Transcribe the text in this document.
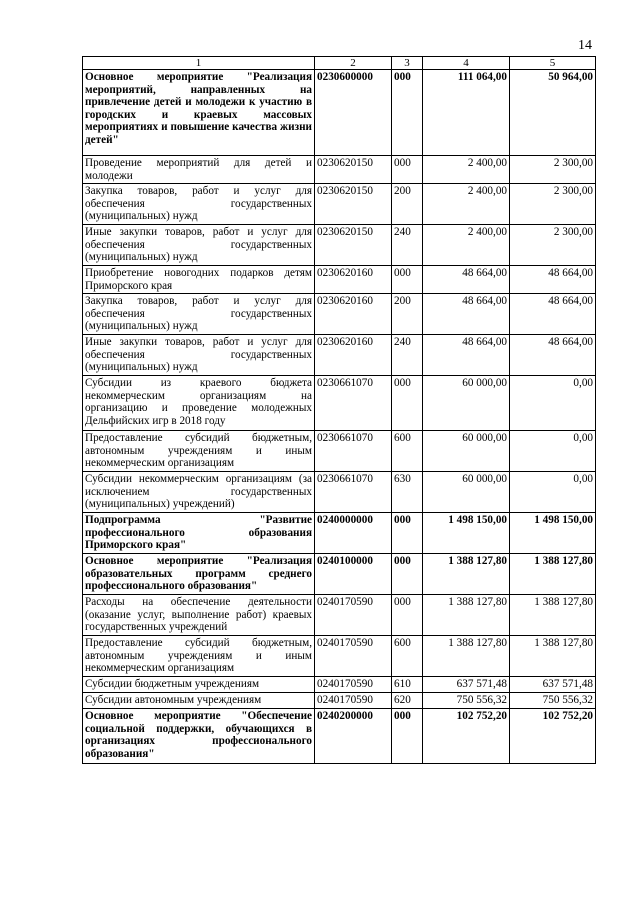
14
1	2	3	4	5
Основное мероприятие "Реализация мероприятий, направленных на привлечение детей и молодежи к участию в городских и краевых массовых мероприятиях и повышение качества жизни детей"	0230600000	000	111 064,00	50 964,00
Проведение мероприятий для детей и молодежи	0230620150	000	2 400,00	2 300,00
Закупка товаров, работ и услуг для обеспечения государственных (муниципальных) нужд	0230620150	200	2 400,00	2 300,00
Иные закупки товаров, работ и услуг для обеспечения государственных (муниципальных) нужд	0230620150	240	2 400,00	2 300,00
Приобретение новогодних подарков детям Приморского края	0230620160	000	48 664,00	48 664,00
Закупка товаров, работ и услуг для обеспечения государственных (муниципальных) нужд	0230620160	200	48 664,00	48 664,00
Иные закупки товаров, работ и услуг для обеспечения государственных (муниципальных) нужд	0230620160	240	48 664,00	48 664,00
Субсидии из краевого бюджета некоммерческим организациям на организацию и проведение молодежных Дельфийских игр в 2018 году	0230661070	000	60 000,00	0,00
Предоставление субсидий бюджетным, автономным учреждениям и иным некоммерческим организациям	0230661070	600	60 000,00	0,00
Субсидии некоммерческим организациям (за исключением государственных (муниципальных) учреждений)	0230661070	630	60 000,00	0,00
Подпрограмма "Развитие профессионального образования Приморского края"	0240000000	000	1 498 150,00	1 498 150,00
Основное мероприятие "Реализация образовательных программ среднего профессионального образования"	0240100000	000	1 388 127,80	1 388 127,80
Расходы на обеспечение деятельности (оказание услуг, выполнение работ) краевых государственных учреждений	0240170590	000	1 388 127,80	1 388 127,80
Предоставление субсидий бюджетным, автономным учреждениям и иным некоммерческим организациям	0240170590	600	1 388 127,80	1 388 127,80
Субсидии бюджетным учреждениям	0240170590	610	637 571,48	637 571,48
Субсидии автономным учреждениям	0240170590	620	750 556,32	750 556,32
Основное мероприятие "Обеспечение социальной поддержки, обучающихся в организациях профессионального образования"	0240200000	000	102 752,20	102 752,20
